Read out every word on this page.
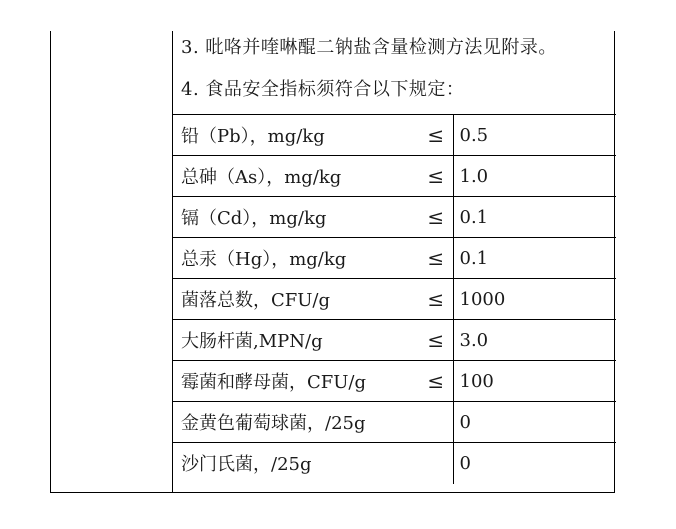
3. 吡咯并喹啉醌二钠盐含量检测方法见附录。
4. 食品安全指标须符合以下规定：
铅（Pb），mg/kg	≤	0.5
总砷（As），mg/kg	≤	1.0
镉（Cd），mg/kg	≤	0.1
总汞（Hg），mg/kg	≤	0.1
菌落总数，CFU/g	≤	1000
大肠杆菌,MPN/g	≤	3.0
霉菌和酵母菌，CFU/g	≤	100
金黄色葡萄球菌，/25g		0
沙门氏菌，/25g		0
